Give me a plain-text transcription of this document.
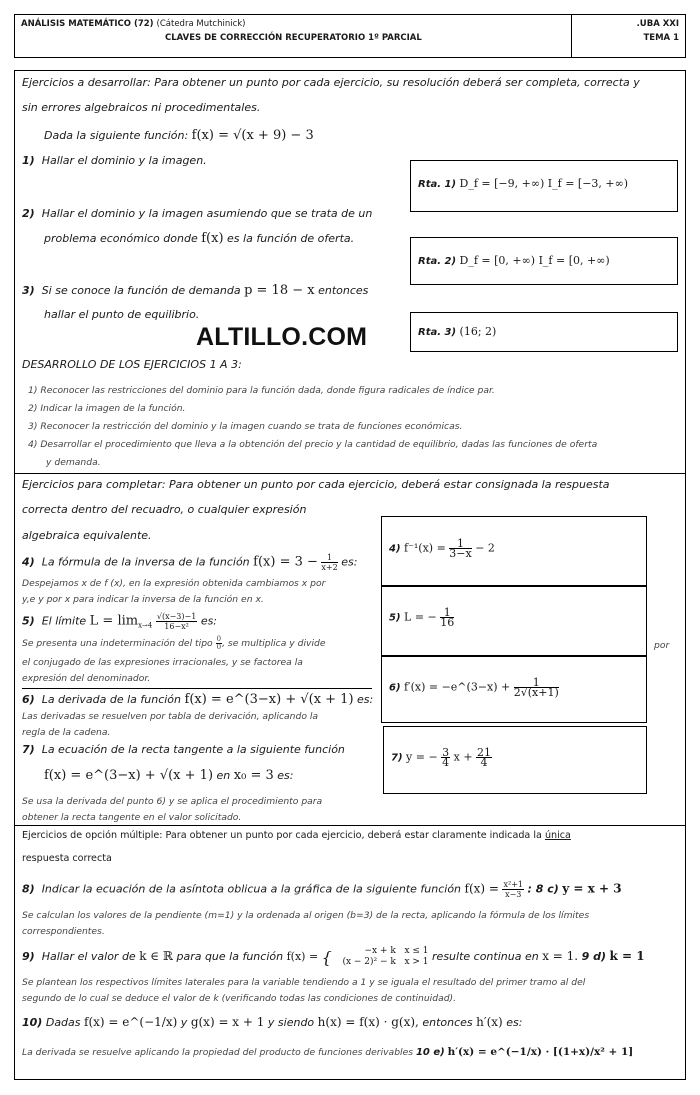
ANÁLISIS MATEMÁTICO (72) (Cátedra Mutchinick)
CLAVES DE CORRECCIÓN RECUPERATORIO 1º PARCIAL
.UBA XXI
TEMA 1
Ejercicios a desarrollar: Para obtener un punto por cada ejercicio, su resolución deberá ser completa, correcta y
sin errores algebraicos ni procedimentales.
Dada la siguiente función: f(x) = √(x + 9) − 3
1) Hallar el dominio y la imagen.
2) Hallar el dominio y la imagen asumiendo que se trata de un
problema económico donde f(x) es la función de oferta.
3) Si se conoce la función de demanda p = 18 − x entonces
hallar el punto de equilibrio.
Rta. 1) D_f = [−9, +∞) I_f = [−3, +∞)
Rta. 2) D_f = [0, +∞) I_f = [0, +∞)
Rta. 3) (16; 2)
ALTILLO.COM
DESARROLLO DE LOS EJERCICIOS 1 A 3:
1) Reconocer las restricciones del dominio para la función dada, donde figura radicales de índice par.
2) Indicar la imagen de la función.
3) Reconocer la restricción del dominio y la imagen cuando se trata de funciones económicas.
4) Desarrollar el procedimiento que lleva a la obtención del precio y la cantidad de equilibrio, dadas las funciones de oferta
y demanda.
Ejercicios para completar: Para obtener un punto por cada ejercicio, deberá estar consignada la respuesta
correcta dentro del recuadro, o cualquier expresión
algebraica equivalente.
4) La fórmula de la inversa de la función $f(x) = 3 - \frac{1}{x+2}$ es:
Despejamos x de f (x), en la expresión obtenida cambiamos x por
y,e y por x para indicar la inversa de la función en x.
5) El límite $L = \lim_{x\to 4} \frac{√(x-3)-1}{\text{16−x²}}$ es:
Se presenta una indeterminación del tipo $\frac{0}{0}$ , se multiplica y divide	por
el conjugado de las expresiones irracionales, y se factorea la
expresión del denominador.
6) La derivada de la función f(x) = e^(3−x) + √(x + 1) es:
Las derivadas se resuelven por tabla de derivación, aplicando la
regla de la cadena.
7) La ecuación de la recta tangente a la siguiente función
f(x) = e^(3−x) + √(x + 1) en x₀ = 3 es:
Se usa la derivada del punto 6) y se aplica el procedimiento para
obtener la recta tangente en el valor solicitado.
4) $f^{-1}(x) = \frac{1}{3-x} - 2$
5) L = − $\frac{1}{16}$
6) f′(x) = −e^(3−x) + $\frac{1}{2√(x+1)}$
7) y = − $\frac{3}{4}$ $x + \frac{21}{4}$
Ejercicios de opción múltiple: Para obtener un punto por cada ejercicio, deberá estar claramente indicada la única
respuesta correcta
8) Indicar la ecuación de la asíntota oblicua a la gráfica de la siguiente función $f(x) = \frac{\text{x²+1}}{x-3}$ : 8 c) y = x + 3
Se calculan los valores de la pendiente (m=1) y la ordenada al origen (b=3) de la recta, aplicando la fórmula de los límites
correspondientes.
9) Hallar el valor de k ∈ ℝ para que la función f(x) = {	−x + k x ≤ 1
(x − 2)² − k x > 1 resulte continua en x = 1. 9 d) k = 1
Se plantean los respectivos límites laterales para la variable tendiendo a 1 y se iguala el resultado del primer tramo al del
segundo de lo cual se deduce el valor de k (verificando todas las condiciones de continuidad).
10) Dadas f(x) = e^(−1/x) y g(x) = x + 1 y siendo h(x) = f(x) · g(x), entonces h′(x) es:
La derivada se resuelve aplicando la propiedad del producto de funciones derivables 10 e) h′(x) = e^(−1/x) · [(1+x)/x² + 1]
